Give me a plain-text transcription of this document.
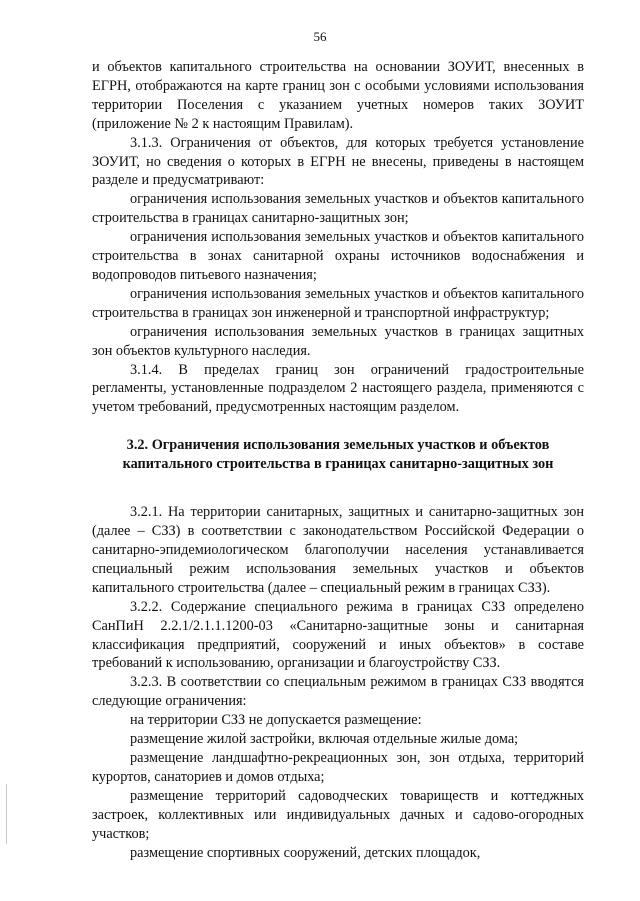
56

и объектов капитального строительства на основании ЗОУИТ, внесенных в ЕГРН, отображаются на карте границ зон с особыми условиями использования территории Поселения с указанием учетных номеров таких ЗОУИТ (приложение № 2 к настоящим Правилам).

3.1.3. Ограничения от объектов, для которых требуется установление ЗОУИТ, но сведения о которых в ЕГРН не внесены, приведены в настоящем разделе и предусматривают:

ограничения использования земельных участков и объектов капитального строительства в границах санитарно-защитных зон;

ограничения использования земельных участков и объектов капитального строительства в зонах санитарной охраны источников водоснабжения и водопроводов питьевого назначения;

ограничения использования земельных участков и объектов капитального строительства в границах зон инженерной и транспортной инфраструктур;

ограничения использования земельных участков в границах защитных зон объектов культурного наследия.

3.1.4. В пределах границ зон ограничений градостроительные регламенты, установленные подразделом 2 настоящего раздела, применяются с учетом требований, предусмотренных настоящим разделом.

3.2. Ограничения использования земельных участков и объектов капитального строительства в границах санитарно-защитных зон

3.2.1. На территории санитарных, защитных и санитарно-защитных зон (далее – СЗЗ) в соответствии с законодательством Российской Федерации о санитарно-эпидемиологическом благополучии населения устанавливается специальный режим использования земельных участков и объектов капитального строительства (далее – специальный режим в границах СЗЗ).

3.2.2. Содержание специального режима в границах СЗЗ определено СанПиН 2.2.1/2.1.1.1200-03 «Санитарно-защитные зоны и санитарная классификация предприятий, сооружений и иных объектов» в составе требований к использованию, организации и благоустройству СЗЗ.

3.2.3. В соответствии со специальным режимом в границах СЗЗ вводятся следующие ограничения:

на территории СЗЗ не допускается размещение:

размещение жилой застройки, включая отдельные жилые дома;

размещение ландшафтно-рекреационных зон, зон отдыха, территорий курортов, санаториев и домов отдыха;

размещение территорий садоводческих товариществ и коттеджных застроек, коллективных или индивидуальных дачных и садово-огородных участков;

размещение спортивных сооружений, детских площадок,
